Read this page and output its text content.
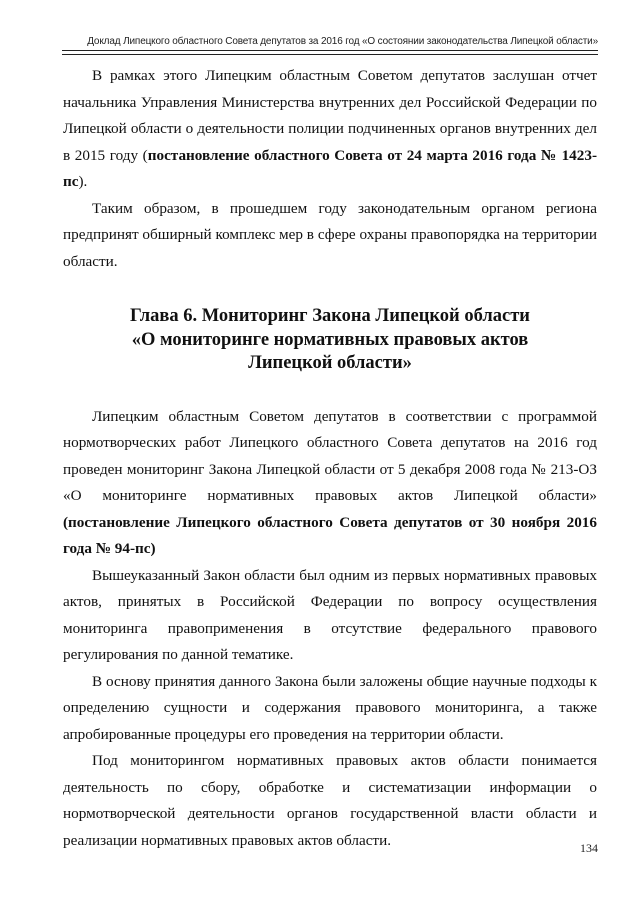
Доклад Липецкого областного Совета депутатов за 2016 год «О состоянии законодательства Липецкой области»

В рамках этого Липецким областным Советом депутатов заслушан отчет начальника Управления Министерства внутренних дел Российской Федерации по Липецкой области о деятельности полиции подчиненных органов внутренних дел в 2015 году (постановление областного Совета от 24 марта 2016 года № 1423-пс).

Таким образом, в прошедшем году законодательным органом региона предпринят обширный комплекс мер в сфере охраны правопорядка на территории области.

Глава 6. Мониторинг Закона Липецкой области
«О мониторинге нормативных правовых актов
Липецкой области»

Липецким областным Советом депутатов в соответствии с программой нормотворческих работ Липецкого областного Совета депутатов на 2016 год проведен мониторинг Закона Липецкой области от 5 декабря 2008 года № 213-ОЗ «О мониторинге нормативных правовых актов Липецкой области» (постановление Липецкого областного Совета депутатов от 30 ноября 2016 года № 94-пс)

Вышеуказанный Закон области был одним из первых нормативных правовых актов, принятых в Российской Федерации по вопросу осуществления мониторинга правоприменения в отсутствие федерального правового регулирования по данной тематике.

В основу принятия данного Закона были заложены общие научные подходы к определению сущности и содержания правового мониторинга, а также апробированные процедуры его проведения на территории области.

Под мониторингом нормативных правовых актов области понимается деятельность по сбору, обработке и систематизации информации о нормотворческой деятельности органов государственной власти области и реализации нормативных правовых актов области.	134
